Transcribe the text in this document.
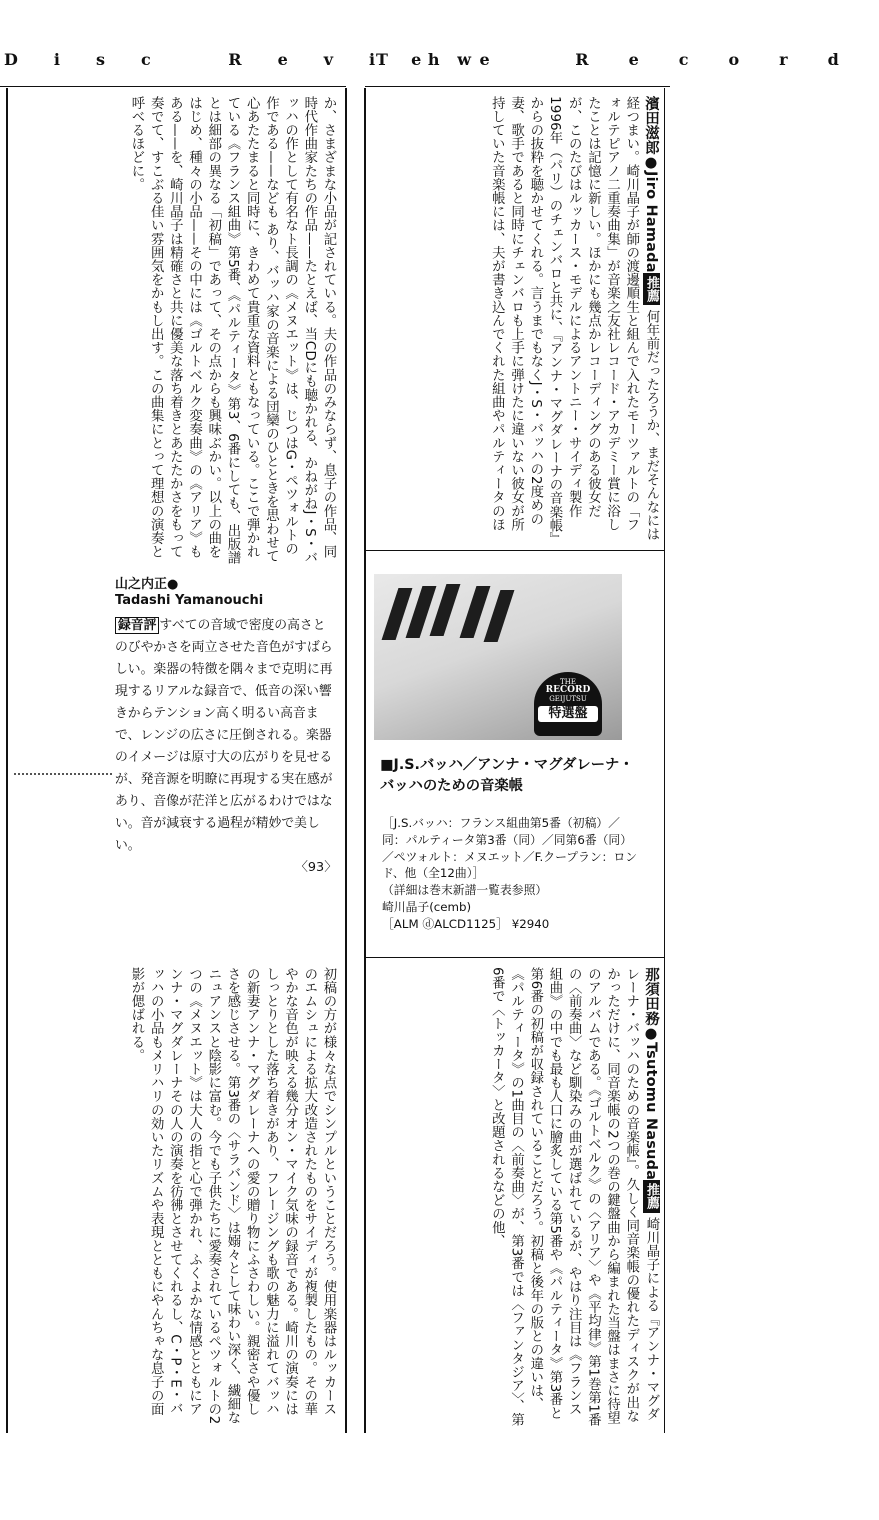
Disc Review
The Record
濱田滋郎●Jiro Hamada推薦 何年前だったろうか、まだそんなには経つまい。崎川晶子が師の渡邊順生と組んで入れたモーツァルトの「フォルテピアノ二重奏曲集」が音楽之友社レコード・アカデミー賞に浴したことは記憶に新しい。ほかにも幾点かレコーディングのある彼女だが、このたびはルッカース・モデルによるアントニー・サイディ製作1996年（パリ）のチェンバロと共に、『アンナ・マグダレーナの音楽帳』からの抜粋を聴かせてくれる。言うまでもなくJ・S・バッハの2度めの妻、歌手であると同時にチェンバロも上手に弾けたに違いない彼女が所持していた音楽帳には、夫が書き込んでくれた組曲やパルティータのほ
か、さまざまな小品が記されている。夫の作品のみならず、息子の作品、同時代作曲家たちの作品——たとえば、当CDにも聴かれる、かねがねJ・S・バッハの作として有名なト長調の《メヌエット》は、じつはG・ペツォルトの作である——なども あり、バッハ家の音楽による団欒のひとときを思わせて心あたたまると同時に、きわめて貴重な資料ともなっている。ここで弾かれている《フランス組曲》第5番、《パルティータ》第3、6番にしても、出版譜とは細部の異なる「初稿」であって、その点からも興味ぶかい。以上の曲をはじめ、種々の小品——その中には《ゴルトベルク変奏曲》の《アリア》もある——を、崎川晶子は精確さと共に優美な落ち着きとあたたかさをもって奏でて、すこぶる佳い雰囲気をかもし出す。この曲集にとって理想の演奏と呼べるほどに。
山之内正●
Tadashi Yamanouchi
録音評 すべての音域で密度の高さとのびやかさを両立させた音色がすばらしい。楽器の特徴を隅々まで克明に再現するリアルな録音で、低音の深い響きからテンション高く明るい高音まで、レンジの広さに圧倒される。楽器のイメージは原寸大の広がりを見せるが、発音源を明瞭に再現する実在感があり、音像が茫洋と広がるわけではない。音が減衰する過程が精妙で美しい。
〈93〉
THE
RECORD
GEIJUTSU
特選盤
■J.S.バッハ／アンナ・マグダレーナ・バッハのための音楽帳
［J.S.バッハ：フランス組曲第5番（初稿）／同：パルティータ第3番（同）／同第6番（同）／ペツォルト：メヌエット／F.クープラン：ロンド、他（全12曲）］
（詳細は巻末新譜一覧表参照）
崎川晶子(cemb)
［ALM ⓓALCD1125］ ¥2940
那須田務●Tsutomu Nasuda推薦 崎川晶子による『アンナ・マグダレーナ・バッハのための音楽帳』。久しく同音楽帳の優れたディスクが出なかっただけに、同音楽帳の2つの巻の鍵盤曲から編まれた当盤はまさに待望のアルバムである。《ゴルトベルク》の〈アリア〉や《平均律》第1巻第1番の〈前奏曲〉など馴染みの曲が選ばれているが、やはり注目は《フランス組曲》の中でも最も人口に膾炙している第5番や《パルティータ》第3番と第6番の初稿が収録されていることだろう。初稿と後年の版との違いは、《パルティータ》の1曲目の〈前奏曲〉が、第3番では〈ファンタジア〉、第6番で〈トッカータ〉と改題されるなどの他、
初稿の方が様々な点でシンプルということだろう。使用楽器はルッカースのエムシュによる拡大改造されたものをサイディが複製したもの。その華やかな音色が映える幾分オン・マイク気味の録音である。崎川の演奏にはしっとりとした落ち着きがあり、フレージングも歌の魅力に溢れてバッハの新妻アンナ・マグダレーナへの愛の贈り物にふさわしい。親密さや優しさを感じさせる。第3番の〈サラバンド〉は嫋々として味わい深く、繊細なニュアンスと陰影に富む。今でも子供たちに愛奏されているペツォルトの2つの《メヌエット》は大人の指と心で弾かれ、ふくよかな情感とともにアンナ・マグダレーナその人の演奏を彷彿とさせてくれるし、C・P・E・バッハの小品もメリハリの効いたリズムや表現とともにやんちゃな息子の面影が偲ばれる。
